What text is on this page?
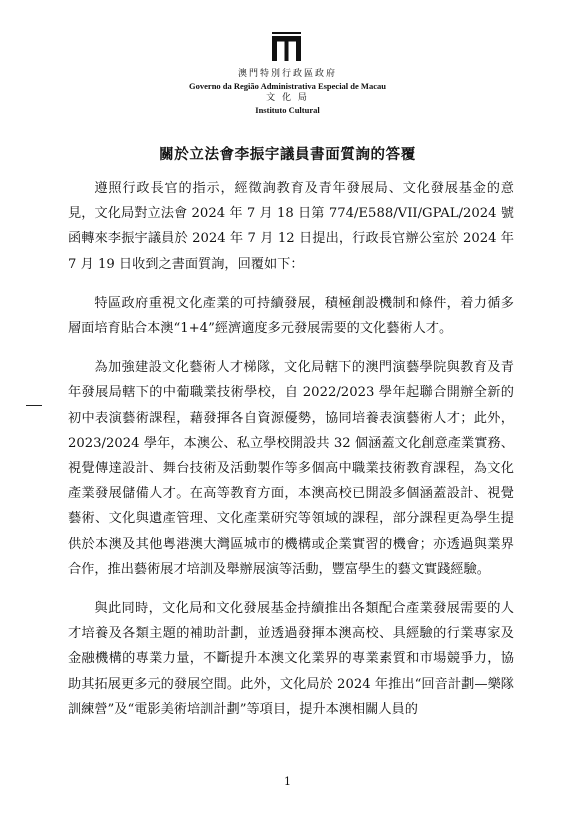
澳門特別行政區政府
Governo da Região Administrativa Especial de Macau
文 化 局
Instituto Cultural
關於立法會李振宇議員書面質詢的答覆

遵照行政長官的指示，經徵詢教育及青年發展局、文化發展基金的意見，文化局對立法會 2024 年 7 月 18 日第 774/E588/VII/GPAL/2024 號函轉來李振宇議員於 2024 年 7 月 12 日提出，行政長官辦公室於 2024 年 7 月 19 日收到之書面質詢，回覆如下：

特區政府重視文化產業的可持續發展，積極創設機制和條件，着力循多層面培育貼合本澳“1+4”經濟適度多元發展需要的文化藝術人才。

為加強建設文化藝術人才梯隊，文化局轄下的澳門演藝學院與教育及青年發展局轄下的中葡職業技術學校，自 2022/2023 學年起聯合開辦全新的初中表演藝術課程，藉發揮各自資源優勢，協同培養表演藝術人才；此外，2023/2024 學年，本澳公、私立學校開設共 32 個涵蓋文化創意產業實務、視覺傳達設計、舞台技術及活動製作等多個高中職業技術教育課程，為文化產業發展儲備人才。在高等教育方面，本澳高校已開設多個涵蓋設計、視覺藝術、文化與遺產管理、文化產業研究等領域的課程，部分課程更為學生提供於本澳及其他粵港澳大灣區城市的機構或企業實習的機會；亦透過與業界合作，推出藝術展才培訓及舉辦展演等活動，豐富學生的藝文實踐經驗。

與此同時，文化局和文化發展基金持續推出各類配合產業發展需要的人才培養及各類主題的補助計劃，並透過發揮本澳高校、具經驗的行業專家及金融機構的專業力量，不斷提升本澳文化業界的專業素質和市場競爭力，協助其拓展更多元的發展空間。此外，文化局於 2024 年推出“回音計劃—樂隊訓練營”及“電影美術培訓計劃”等項目，提升本澳相關人員的

1
